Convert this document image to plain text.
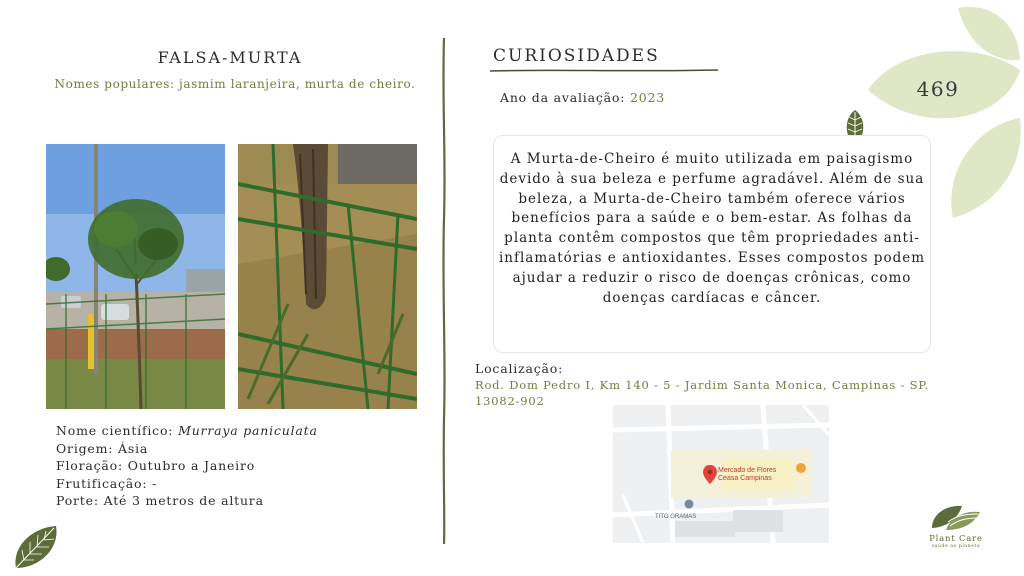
FALSA-MURTA
Nomes populares: jasmim laranjeira, murta de cheiro.
Nome científico: Murraya paniculata
Origem: Ásia
Floração: Outubro a Janeiro
Frutificação: -
Porte: Até 3 metros de altura
CURIOSIDADES
Ano da avaliação: 2023
A Murta-de-Cheiro é muito utilizada em paisagismo devido à sua beleza e perfume agradável. Além de sua beleza, a Murta-de-Cheiro também oferece vários benefícios para a saúde e o bem-estar. As folhas da planta contêm compostos que têm propriedades anti-inflamatórias e antioxidantes. Esses compostos podem ajudar a reduzir o risco de doenças crônicas, como doenças cardíacas e câncer.
469
Localização:
Rod. Dom Pedro I, Km 140 - 5 - Jardim Santa Monica, Campinas - SP. 13082-902
Mercado de Flores
Ceasa Campinas
TITO GRAMAS
Plant Care
saúde ao planeta
